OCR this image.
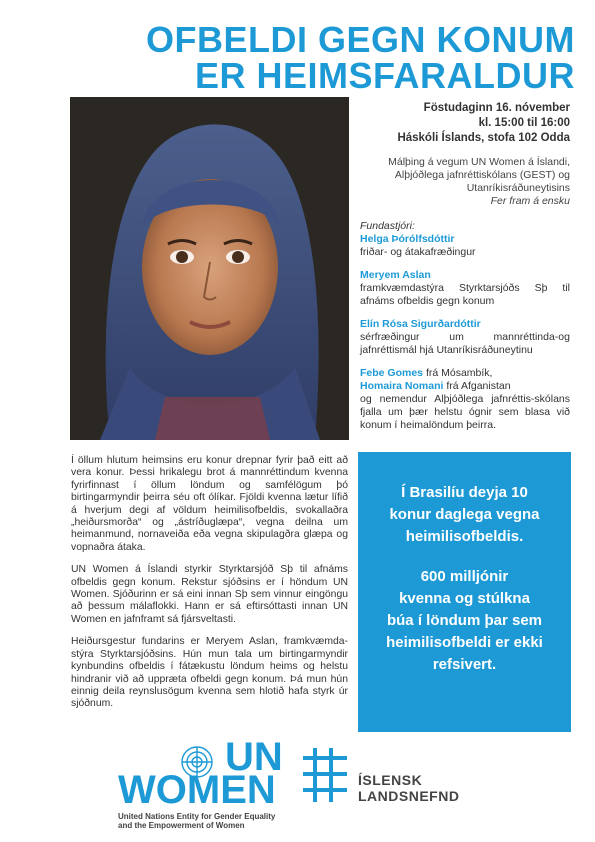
OFBELDI GEGN KONUM
ER HEIMSFARALDUR
Föstudaginn 16. nóvember
kl. 15:00 til 16:00
Háskóli Íslands, stofa 102 Odda
Málþing á vegum UN Women á Íslandi,
Alþjóðlega jafnréttiskólans (GEST) og
Utanríkisráðuneytisins
Fer fram á ensku
Fundastjóri:
Helga Þórólfsdóttir
friðar- og átakafræðingur
Meryem Aslan
framkvæmdastýra Styrktarsjóðs Sþ til afnáms ofbeldis gegn konum
Elín Rósa Sigurðardóttir
sérfræðingur um mannréttinda-og jafnréttismál hjá Utanríkisráðuneytinu
Febe Gomes frá Mósambík,
Homaira Nomani frá Afganistan
og nemendur Alþjóðlega jafnréttis-skólans fjalla um þær helstu ógnir sem blasa við konum í heimalöndum þeirra.

Í öllum hlutum heimsins eru konur drepnar fyrir það eitt að vera konur. Þessi hrikalegu brot á mannréttindum kvenna fyrirfinnast í öllum löndum og samfélögum þó birtingarmyndir þeirra séu oft ólíkar. Fjöldi kvenna lætur lífið á hverjum degi af völdum heimilisofbeldis, svokallaðra „heiðursmorða“ og „ástríðuglæpa“, vegna deilna um heimanmund, nornaveiða eða vegna skipulagðra glæpa og vopnaðra átaka.

UN Women á Íslandi styrkir Styrktarsjóð Sþ til afnáms ofbeldis gegn konum. Rekstur sjóðsins er í höndum UN Women. Sjóðurinn er sá eini innan Sþ sem vinnur eingöngu að þessum málaflokki. Hann er sá eftirsóttasti innan UN Women en jafnframt sá fjársveltasti.

Heiðursgestur fundarins er Meryem Aslan, framkvæmda-stýra Styrktarsjóðsins. Hún mun tala um birtingarmyndir kynbundins ofbeldis í fátækustu löndum heims og helstu hindranir við að uppræta ofbeldi gegn konum. Þá mun hún einnig deila reynslusögum kvenna sem hlotið hafa styrk úr sjóðnum.

Í Brasilíu deyja 10
konur daglega vegna
heimilisofbeldis.
600 milljónir
kvenna og stúlkna
búa í löndum þar sem
heimilisofbeldi er ekki
refsivert.
UN
WOMEN
United Nations Entity for Gender Equality
and the Empowerment of Women
ÍSLENSK
LANDSNEFND
